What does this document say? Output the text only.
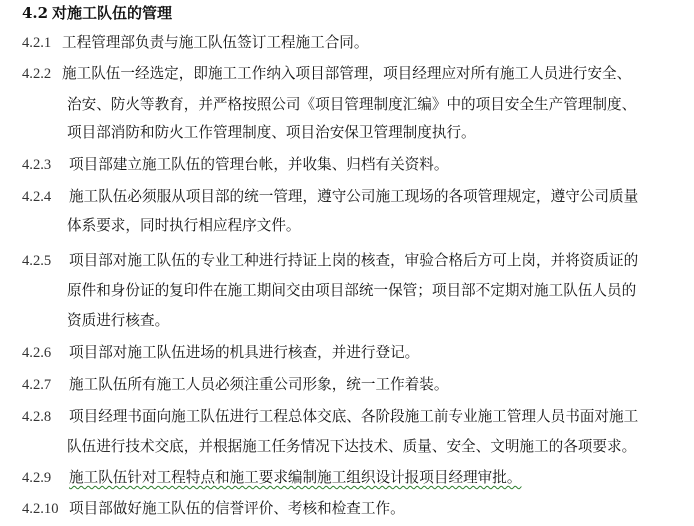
4.2 对施工队伍的管理
4.2.1 工程管理部负责与施工队伍签订工程施工合同。
4.2.2 施工队伍一经选定，即施工工作纳入项目部管理，项目经理应对所有施工人员进行安全、
治安、防火等教育，并严格按照公司《项目管理制度汇编》中的项目安全生产管理制度、
项目部消防和防火工作管理制度、项目治安保卫管理制度执行。
4.2.3 项目部建立施工队伍的管理台帐，并收集、归档有关资料。
4.2.4 施工队伍必须服从项目部的统一管理，遵守公司施工现场的各项管理规定，遵守公司质量
体系要求，同时执行相应程序文件。
4.2.5 项目部对施工队伍的专业工种进行持证上岗的核查，审验合格后方可上岗，并将资质证的
原件和身份证的复印件在施工期间交由项目部统一保管；项目部不定期对施工队伍人员的
资质进行核查。
4.2.6 项目部对施工队伍进场的机具进行核查，并进行登记。
4.2.7 施工队伍所有施工人员必须注重公司形象，统一工作着装。
4.2.8 项目经理书面向施工队伍进行工程总体交底、各阶段施工前专业施工管理人员书面对施工
队伍进行技术交底，并根据施工任务情况下达技术、质量、安全、文明施工的各项要求。
4.2.9 施工队伍针对工程特点和施工要求编制施工组织设计报项目经理审批。
4.2.10 项目部做好施工队伍的信誉评价、考核和检查工作。
